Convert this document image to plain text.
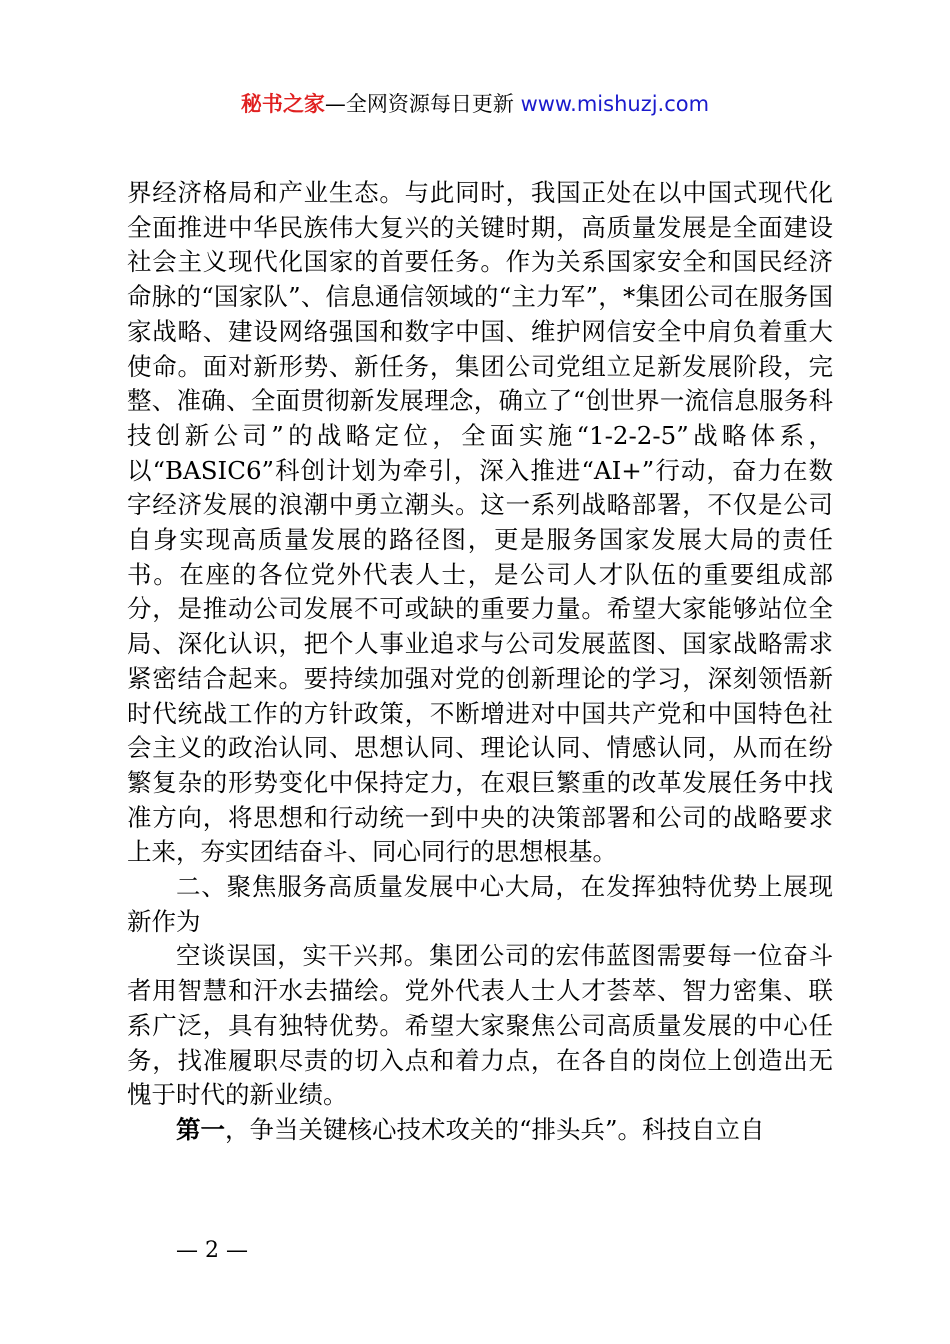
秘书之家—全网资源每日更新 www.mishuzj.com

界经济格局和产业生态。与此同时，我国正处在以中国式现代化全面推进中华民族伟大复兴的关键时期，高质量发展是全面建设社会主义现代化国家的首要任务。作为关系国家安全和国民经济命脉的“国家队”、信息通信领域的“主力军”，*集团公司在服务国家战略、建设网络强国和数字中国、维护网信安全中肩负着重大使命。面对新形势、新任务，集团公司党组立足新发展阶段，完整、准确、全面贯彻新发展理念，确立了“创世界一流信息服务科技创新公司”的战略定位，全面实施“1-2-2-5”战略体系，以“BASIC6”科创计划为牵引，深入推进“AI+”行动，奋力在数字经济发展的浪潮中勇立潮头。这一系列战略部署，不仅是公司自身实现高质量发展的路径图，更是服务国家发展大局的责任书。在座的各位党外代表人士，是公司人才队伍的重要组成部分，是推动公司发展不可或缺的重要力量。希望大家能够站位全局、深化认识，把个人事业追求与公司发展蓝图、国家战略需求紧密结合起来。要持续加强对党的创新理论的学习，深刻领悟新时代统战工作的方针政策，不断增进对中国共产党和中国特色社会主义的政治认同、思想认同、理论认同、情感认同，从而在纷繁复杂的形势变化中保持定力，在艰巨繁重的改革发展任务中找准方向，将思想和行动统一到中央的决策部署和公司的战略要求上来，夯实团结奋斗、同心同行的思想根基。

二、聚焦服务高质量发展中心大局，在发挥独特优势上展现新作为

空谈误国，实干兴邦。集团公司的宏伟蓝图需要每一位奋斗者用智慧和汗水去描绘。党外代表人士人才荟萃、智力密集、联系广泛，具有独特优势。希望大家聚焦公司高质量发展的中心任务，找准履职尽责的切入点和着力点，在各自的岗位上创造出无愧于时代的新业绩。

第一，争当关键核心技术攻关的“排头兵”。科技自立自

— 2 —
